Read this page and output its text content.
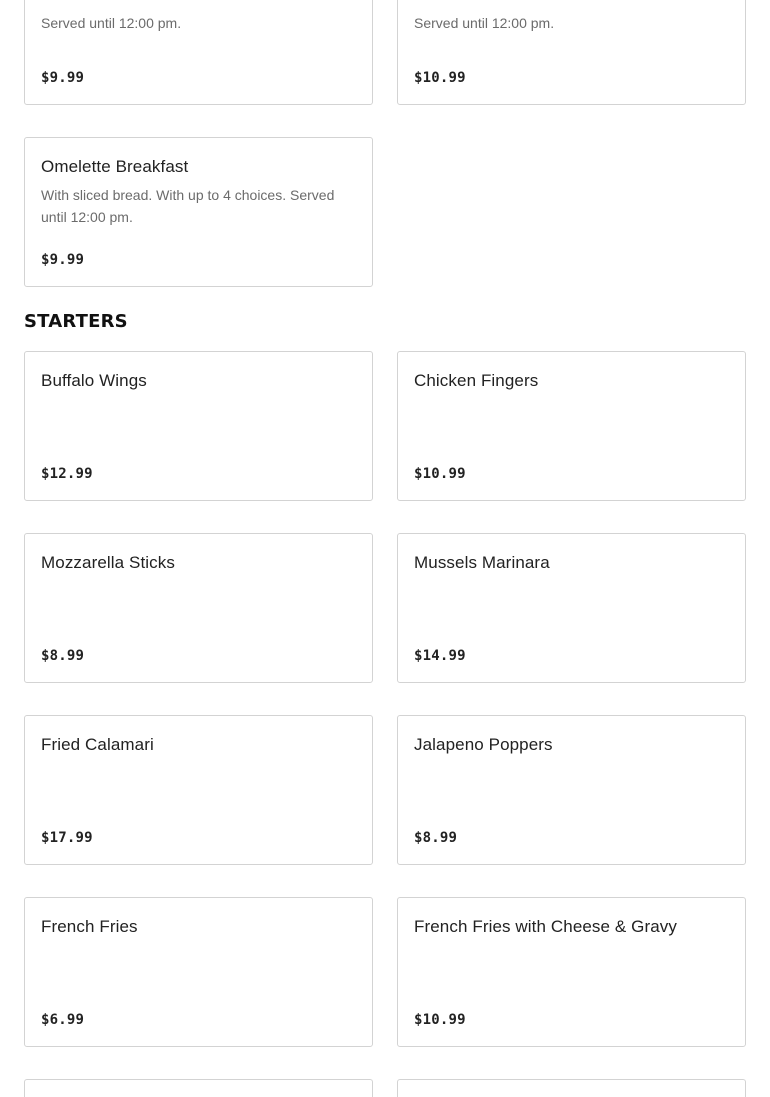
Served until 12:00 pm.
$9.99
Served until 12:00 pm.
$10.99
Omelette Breakfast
With sliced bread. With up to 4 choices. Served until 12:00 pm.
$9.99
STARTERS
Buffalo Wings
$12.99
Chicken Fingers
$10.99
Mozzarella Sticks
$8.99
Mussels Marinara
$14.99
Fried Calamari
$17.99
Jalapeno Poppers
$8.99
French Fries
$6.99
French Fries with Cheese & Gravy
$10.99
